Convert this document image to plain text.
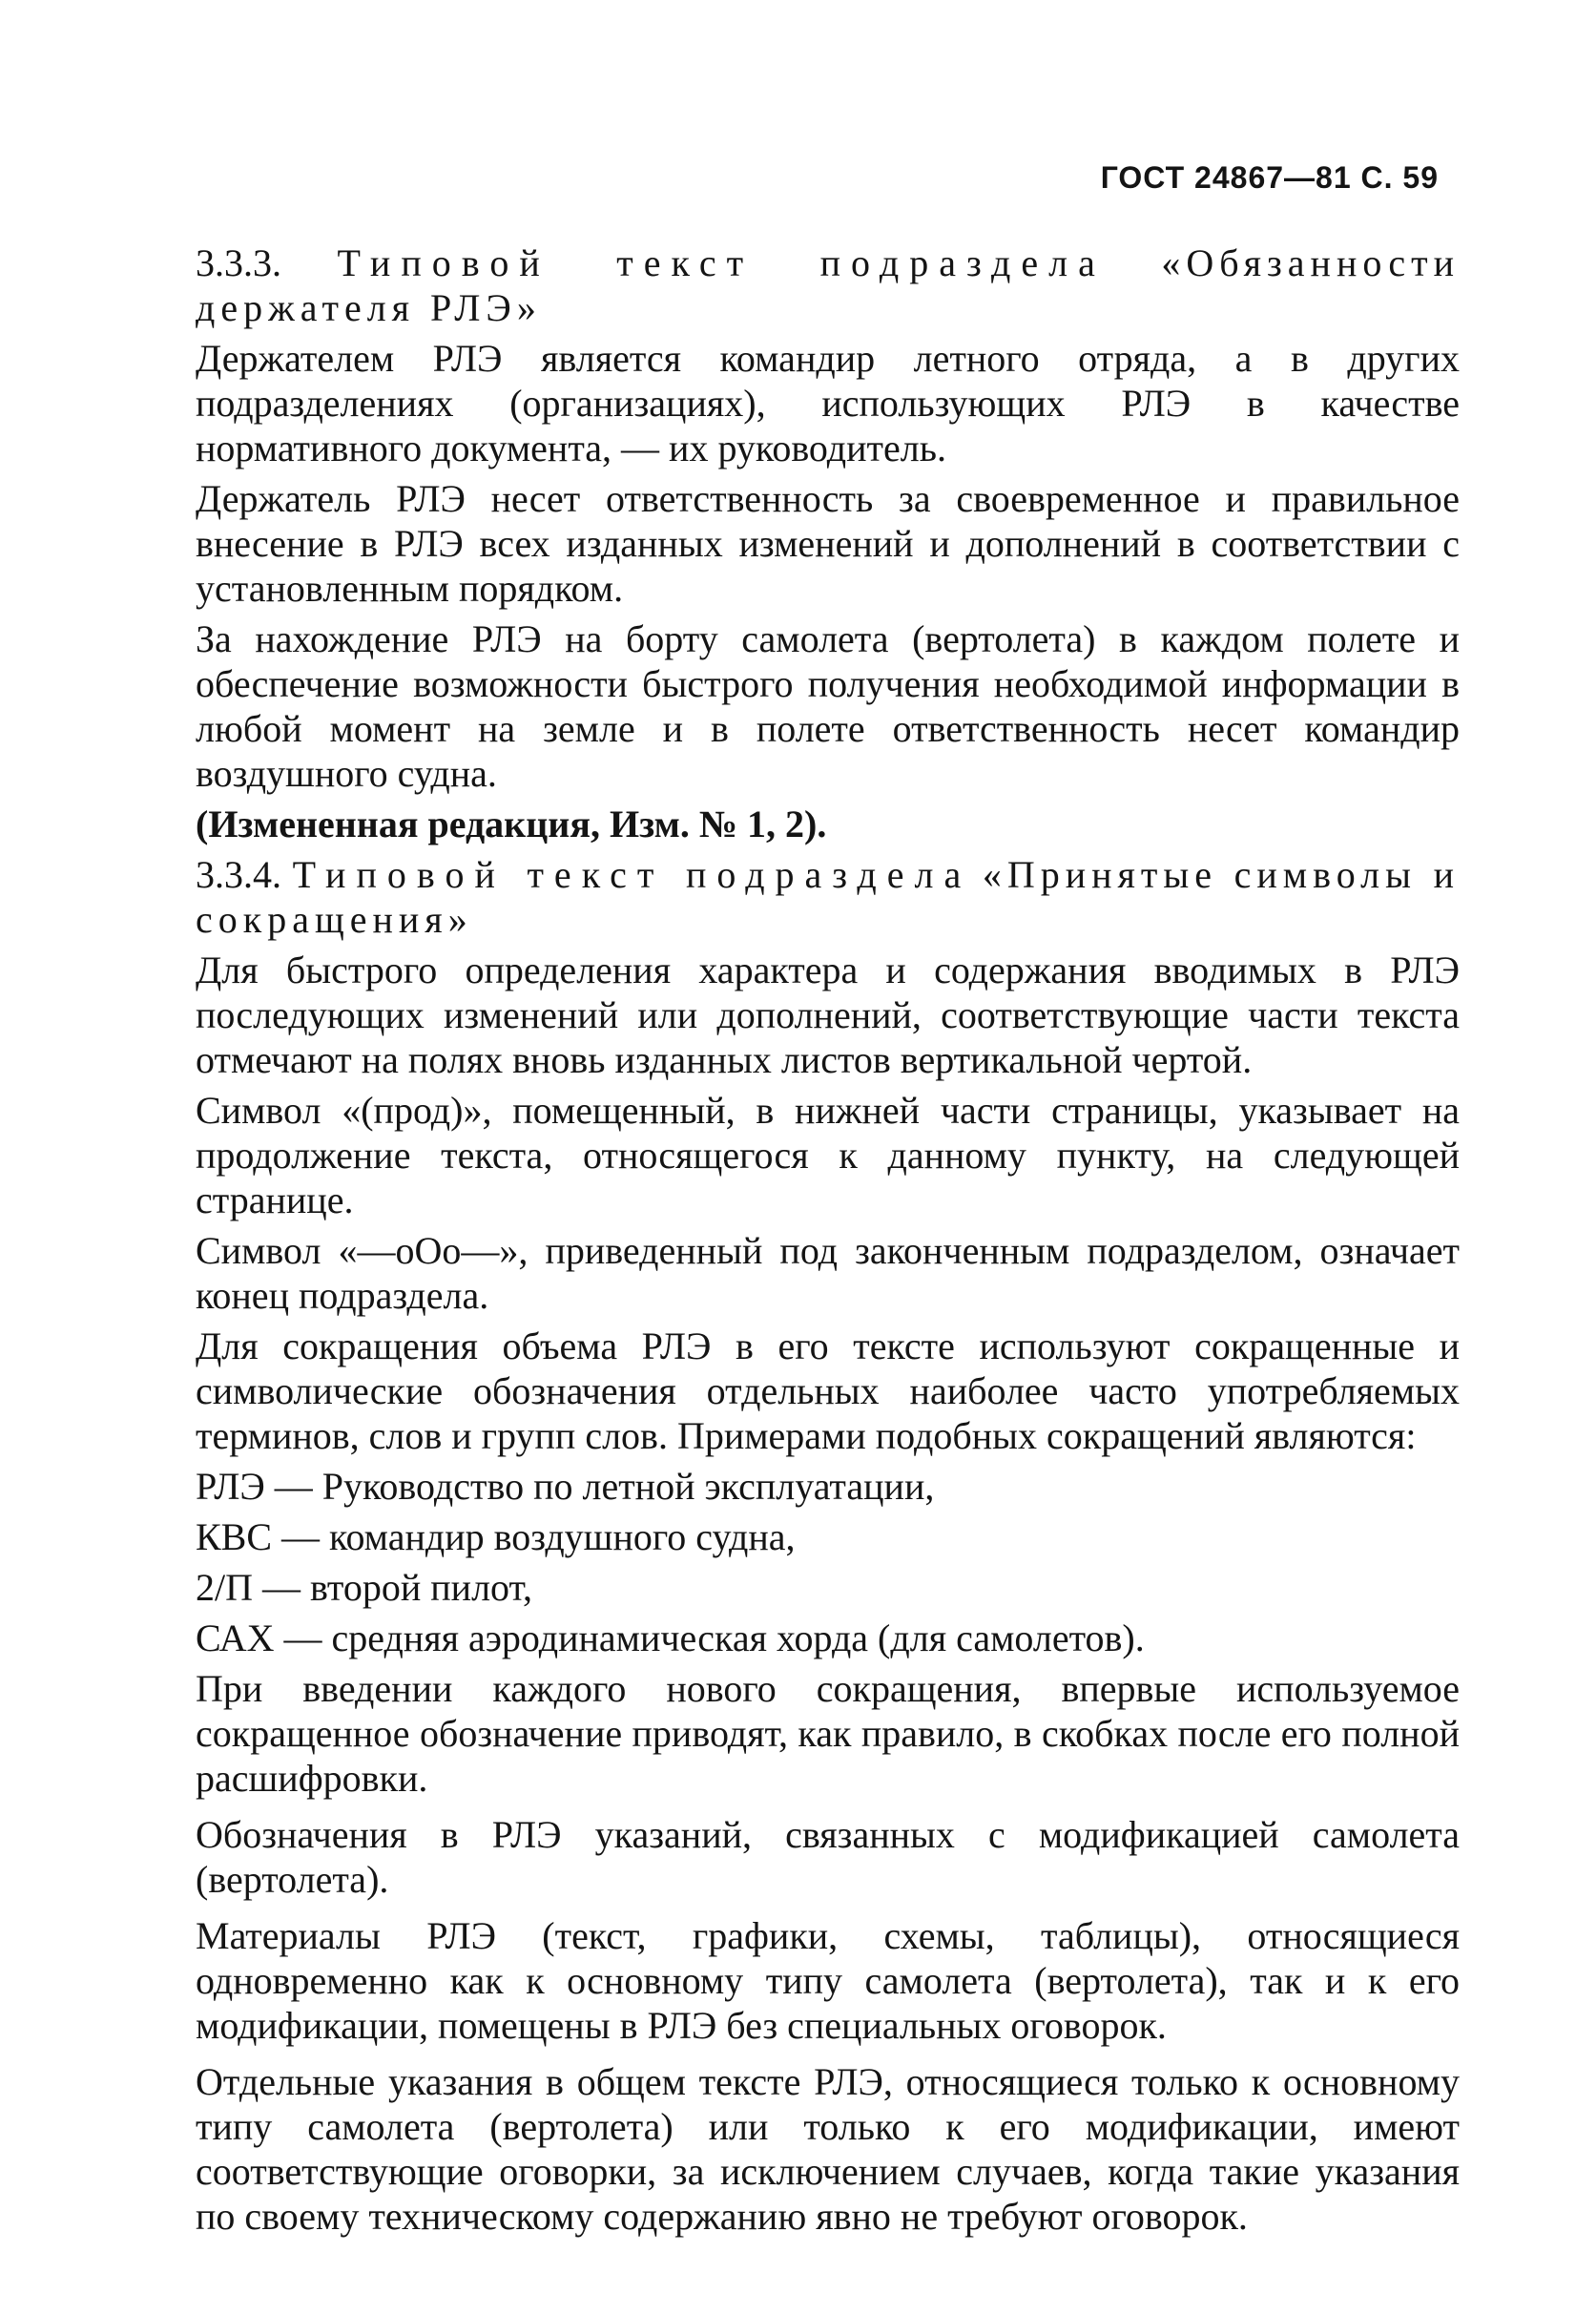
ГОСТ 24867—81 С. 59

3.3.3. Типовой текст подраздела «Обязанности держателя РЛЭ»

Держателем РЛЭ является командир летного отряда, а в других подразделениях (организациях), использующих РЛЭ в качестве нормативного документа, — их руководитель.

Держатель РЛЭ несет ответственность за своевременное и правильное внесение в РЛЭ всех изданных изменений и дополнений в соответствии с установленным порядком.

За нахождение РЛЭ на борту самолета (вертолета) в каждом полете и обеспечение возможности быстрого получения необходимой информации в любой момент на земле и в полете ответственность несет командир воздушного судна.

(Измененная редакция, Изм. № 1, 2).

3.3.4. Типовой текст подраздела «Принятые символы и сокращения»

Для быстрого определения характера и содержания вводимых в РЛЭ последующих изменений или дополнений, соответствующие части текста отмечают на полях вновь изданных листов вертикальной чертой.

Символ «(прод)», помещенный, в нижней части страницы, указывает на продолжение текста, относящегося к данному пункту, на следующей странице.

Символ «—оОо—», приведенный под законченным подразделом, означает конец подраздела.

Для сокращения объема РЛЭ в его тексте используют сокращенные и символические обозначения отдельных наиболее часто употребляемых терминов, слов и групп слов. Примерами подобных сокращений являются:

РЛЭ — Руководство по летной эксплуатации,

КВС — командир воздушного судна,

2/П — второй пилот,

САХ — средняя аэродинамическая хорда (для самолетов).

При введении каждого нового сокращения, впервые используемое сокращенное обозначение приводят, как правило, в скобках после его полной расшифровки.

Обозначения в РЛЭ указаний, связанных с модификацией самолета (вертолета).

Материалы РЛЭ (текст, графики, схемы, таблицы), относящиеся одновременно как к основному типу самолета (вертолета), так и к его модификации, помещены в РЛЭ без специальных оговорок.

Отдельные указания в общем тексте РЛЭ, относящиеся только к основному типу самолета (вертолета) или только к его модификации, имеют соответствующие оговорки, за исключением случаев, когда такие указания по своему техническому содержанию явно не требуют оговорок.
